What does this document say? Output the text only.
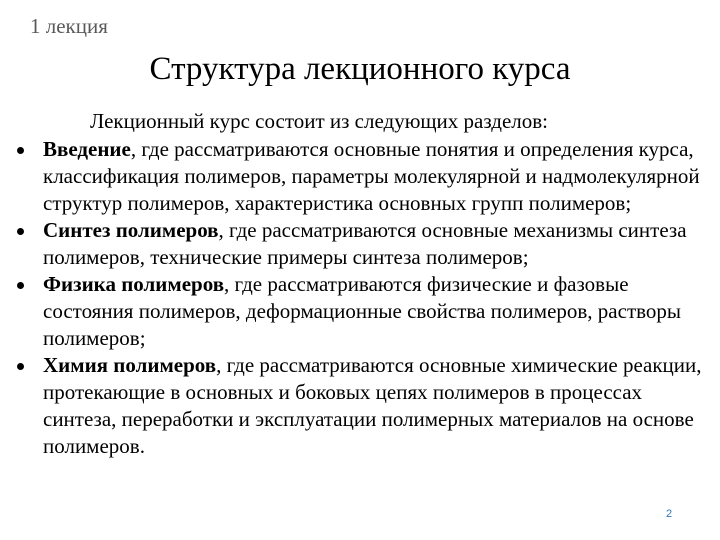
1 лекция
Структура лекционного курса
Лекционный курс состоит из следующих разделов:
Введение, где рассматриваются основные понятия и определения курса, классификация полимеров, параметры молекулярной и надмолекулярной структур полимеров, характеристика основных групп полимеров;
Синтез полимеров, где рассматриваются основные механизмы синтеза полимеров, технические примеры синтеза полимеров;
Физика полимеров, где рассматриваются физические и фазовые состояния полимеров, деформационные свойства полимеров, растворы полимеров;
Химия полимеров, где рассматриваются основные химические реакции, протекающие в основных и боковых цепях полимеров в процессах синтеза, переработки и эксплуатации полимерных материалов на основе полимеров.
2
